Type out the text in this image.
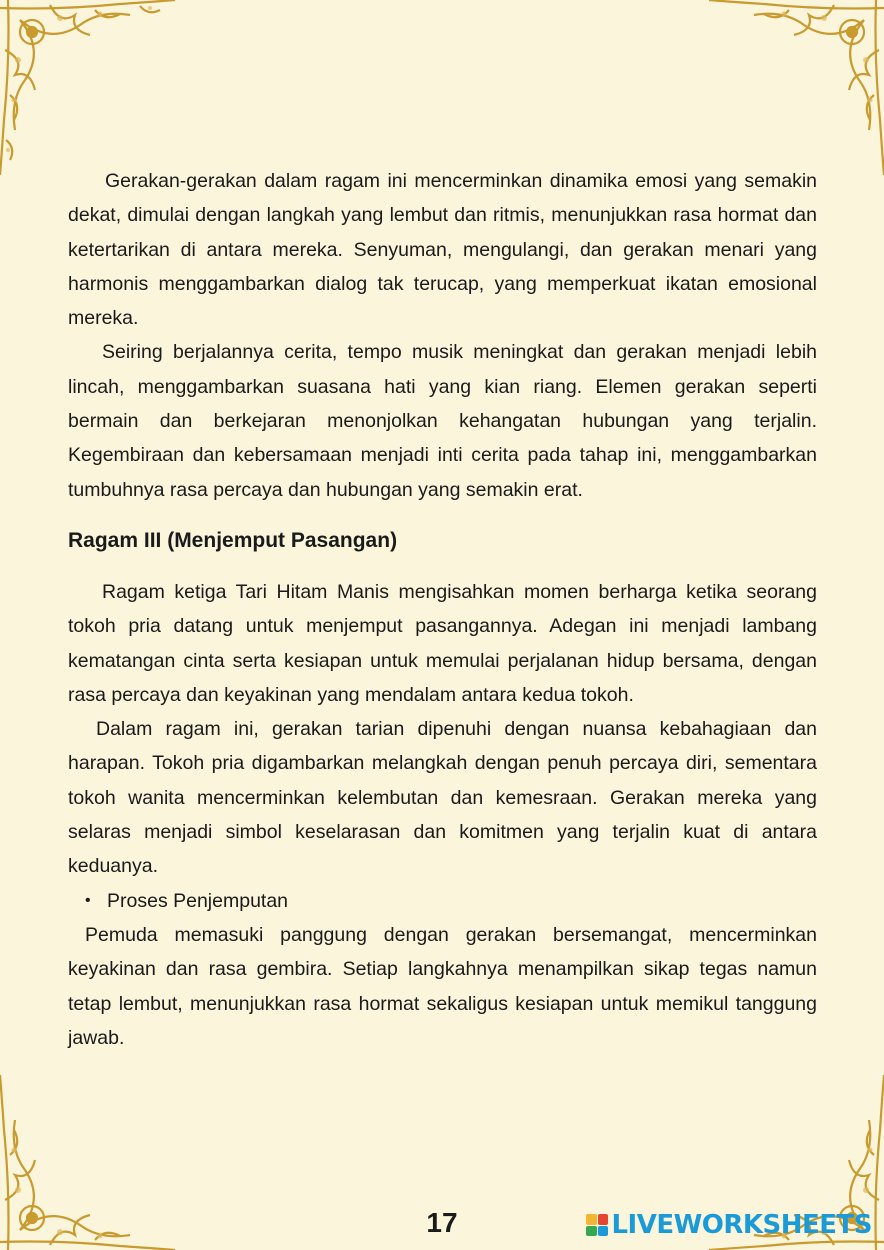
Gerakan-gerakan dalam ragam ini mencerminkan dinamika emosi yang semakin dekat, dimulai dengan langkah yang lembut dan ritmis, menunjukkan rasa hormat dan ketertarikan di antara mereka. Senyuman, mengulangi, dan gerakan menari yang harmonis menggambarkan dialog tak terucap, yang memperkuat ikatan emosional mereka.

Seiring berjalannya cerita, tempo musik meningkat dan gerakan menjadi lebih lincah, menggambarkan suasana hati yang kian riang. Elemen gerakan seperti bermain dan berkejaran menonjolkan kehangatan hubungan yang terjalin. Kegembiraan dan kebersamaan menjadi inti cerita pada tahap ini, menggambarkan tumbuhnya rasa percaya dan hubungan yang semakin erat.

Ragam III (Menjemput Pasangan)

Ragam ketiga Tari Hitam Manis mengisahkan momen berharga ketika seorang tokoh pria datang untuk menjemput pasangannya. Adegan ini menjadi lambang kematangan cinta serta kesiapan untuk memulai perjalanan hidup bersama, dengan rasa percaya dan keyakinan yang mendalam antara kedua tokoh.

Dalam ragam ini, gerakan tarian dipenuhi dengan nuansa kebahagiaan dan harapan. Tokoh pria digambarkan melangkah dengan penuh percaya diri, sementara tokoh wanita mencerminkan kelembutan dan kemesraan. Gerakan mereka yang selaras menjadi simbol keselarasan dan komitmen yang terjalin kuat di antara keduanya.

• Proses Penjemputan

Pemuda memasuki panggung dengan gerakan bersemangat, mencerminkan keyakinan dan rasa gembira. Setiap langkahnya menampilkan sikap tegas namun tetap lembut, menunjukkan rasa hormat sekaligus kesiapan untuk memikul tanggung jawab.

17	LIVEWORKSHEETS
